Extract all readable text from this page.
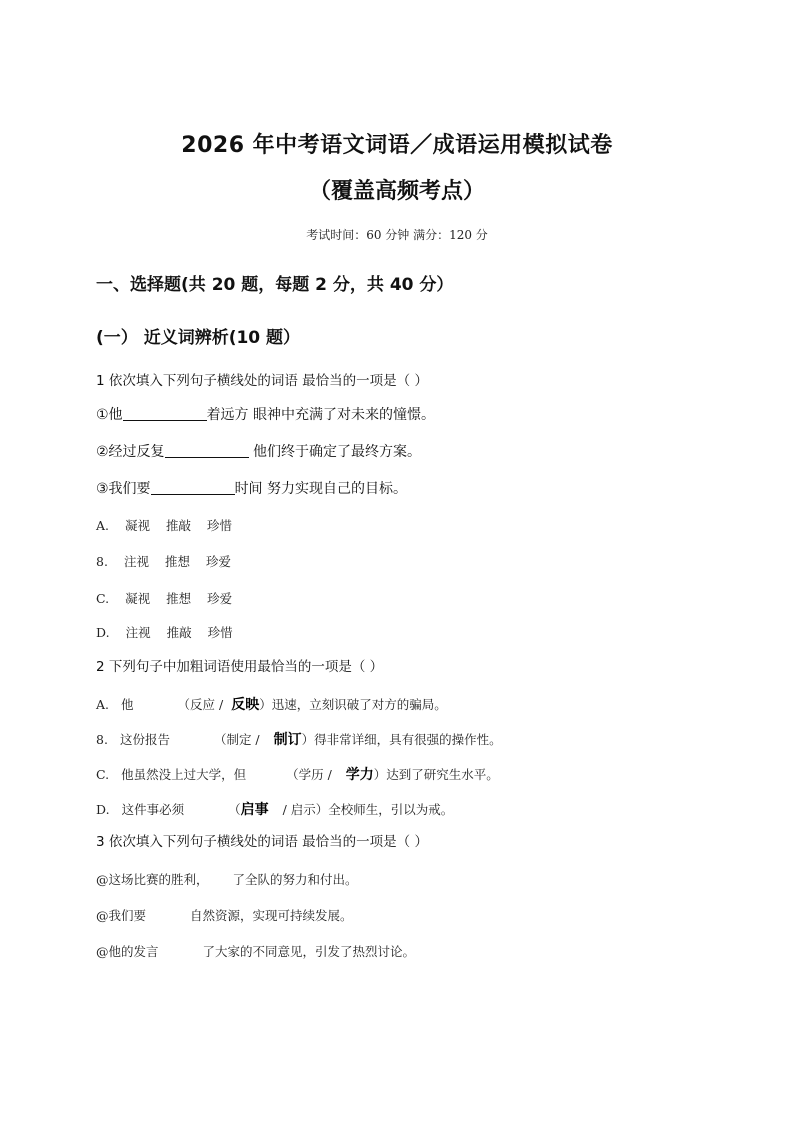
2026 年中考语文词语／成语运用模拟试卷
（覆盖高频考点）
考试时间：60 分钟 满分：120 分
一、选择题(共 20 题，每题 2 分，共 40 分）
(一） 近义词辨析(10 题）
1 依次填入下列句子横线处的词语 最恰当的一项是（ ）
①他	着远方 眼神中充满了对未来的憧憬。
②经过反复	他们终于确定了最终方案。
③我们要	时间 努力实现自己的目标。
A. 凝视 推敲 珍惜
8. 注视 推想 珍爱
C. 凝视 推想 珍爱
D. 注视 推敲 珍惜
2 下列句子中加粗词语使用最恰当的一项是（ ）
A. 他	（反应 / 反映）迅速，立刻识破了对方的骗局。
8. 这份报告	（制定 / 制订）得非常详细，具有很强的操作性。
C. 他虽然没上过大学，但	（学历 / 学力）达到了研究生水平。
D. 这件事必须	（启事 / 启示）全校师生，引以为戒。
3 依次填入下列句子横线处的词语 最恰当的一项是（ ）
@这场比赛的胜利， 了全队的努力和付出。
@我们要	自然资源，实现可持续发展。
@他的发言	了大家的不同意见，引发了热烈讨论。
